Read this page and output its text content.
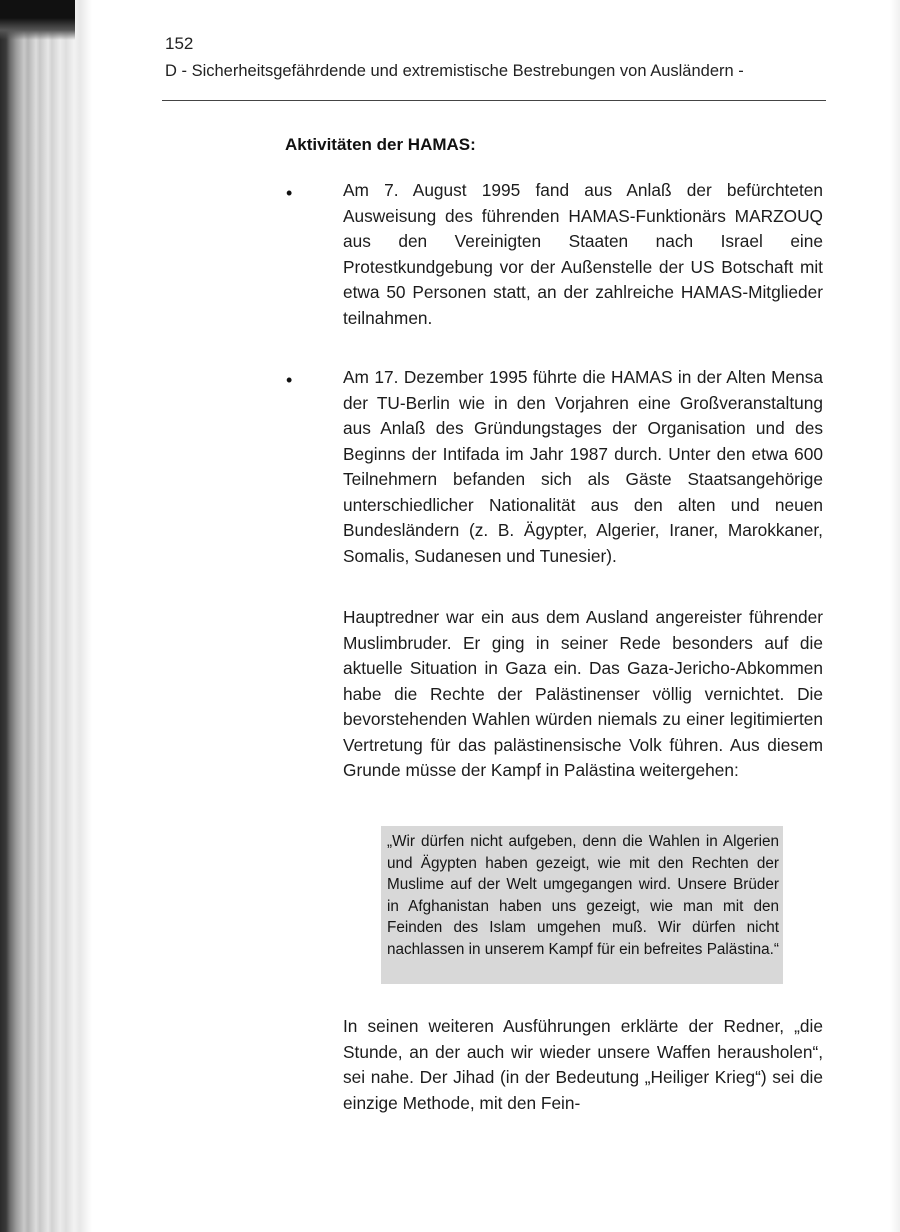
152
D - Sicherheitsgefährdende und extremistische Bestrebungen von Ausländern -
Aktivitäten der HAMAS:
•	Am 7. August 1995 fand aus Anlaß der befürchteten Ausweisung des führenden HAMAS-Funktionärs MARZOUQ aus den Vereinigten Staaten nach Israel eine Protestkundgebung vor der Außenstelle der US Botschaft mit etwa 50 Personen statt, an der zahlreiche HAMAS-Mitglieder teilnahmen.

•	Am 17. Dezember 1995 führte die HAMAS in der Alten Mensa der TU-Berlin wie in den Vorjahren eine Großveranstaltung aus Anlaß des Gründungstages der Organisation und des Beginns der Intifada im Jahr 1987 durch. Unter den etwa 600 Teilnehmern befanden sich als Gäste Staatsangehörige unterschiedlicher Nationalität aus den alten und neuen Bundesländern (z. B. Ägypter, Algerier, Iraner, Marokkaner, Somalis, Sudanesen und Tunesier).

Hauptredner war ein aus dem Ausland angereister führender Muslimbruder. Er ging in seiner Rede besonders auf die aktuelle Situation in Gaza ein. Das Gaza-Jericho-Abkommen habe die Rechte der Palästinenser völlig vernichtet. Die bevorstehenden Wahlen würden niemals zu einer legitimierten Vertretung für das palästinensische Volk führen. Aus diesem Grunde müsse der Kampf in Palästina weitergehen:

„Wir dürfen nicht aufgeben, denn die Wahlen in Algerien und Ägypten haben gezeigt, wie mit den Rechten der Muslime auf der Welt umgegangen wird. Unsere Brüder in Afghanistan haben uns gezeigt, wie man mit den Feinden des Islam umgehen muß. Wir dürfen nicht nachlassen in unserem Kampf für ein befreites Palästina.“

In seinen weiteren Ausführungen erklärte der Redner, „die Stunde, an der auch wir wieder unsere Waffen herausholen“, sei nahe. Der Jihad (in der Bedeutung „Heiliger Krieg“) sei die einzige Methode, mit den Fein-
